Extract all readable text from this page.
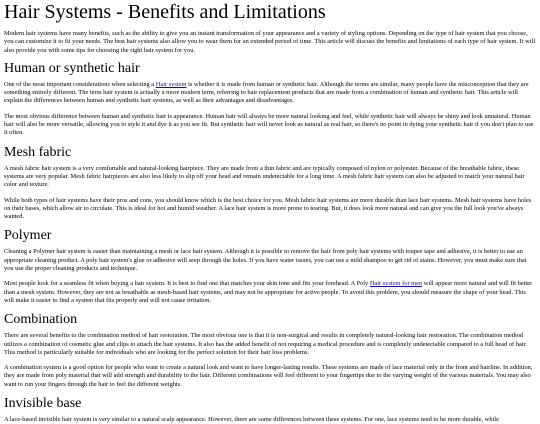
Hair Systems - Benefits and Limitations

Modern hair systems have many benefits, such as the ability to give you an instant transformation of your appearance and a variety of styling options. Depending on the type of hair system that you choose, you can customize it to fit your needs. The best hair systems also allow you to wear them for an extended period of time. This article will discuss the benefits and limitations of each type of hair system. It will also provide you with some tips for choosing the right hair system for you.

Human or synthetic hair

One of the most important considerations when selecting a Hair system is whether it is made from human or synthetic hair. Although the terms are similar, many people have the misconception that they are something entirely different. The term hair system is actually a more modern term, referring to hair replacement products that are made from a combination of human and synthetic hair. This article will explain the differences between human and synthetic hair systems, as well as their advantages and disadvantages.

The most obvious difference between human and synthetic hair is appearance. Human hair will always be more natural looking and feel, while synthetic hair will always be shiny and look unnatural. Human hair will also be more versatile, allowing you to style it and dye it as you see fit. But synthetic hair will never look as natural as real hair, so there's no point in dying your synthetic hair if you don't plan to use it often.

Mesh fabric

A mesh fabric hair system is a very comfortable and natural-looking hairpiece. They are made from a thin fabric and are typically composed of nylon or polyester. Because of the breathable fabric, these systems are very popular. Mesh fabric hairpieces are also less likely to slip off your head and remain undetectable for a long time. A mesh fabric hair system can also be adjusted to match your natural hair color and texture.

While both types of hair systems have their pros and cons, you should know which is the best choice for you. Mesh fabric hair systems are more durable than lace hair systems. Mesh hair systems have holes on their bases, which allow air to circulate. This is ideal for hot and humid weather. A lace hair system is more prone to tearing. But, it does look more natural and can give you the full look you've always wanted.

Polymer

Cleaning a Polymer hair system is easier than maintaining a mesh or lace hair system. Although it is possible to remove the hair from poly hair systems with toupee tape and adhesive, it is better to use an appropriate cleaning product. A poly hair system's glue or adhesive will seep through the holes. If you have water issues, you can use a mild shampoo to get rid of stains. However, you must make sure that you use the proper cleaning products and technique.

Most people look for a seamless fit when buying a hair system. It is best to find one that matches your skin tone and fits your forehead. A Poly Hair system for men will appear more natural and will fit better than a mesh system. However, they are not as breathable as mesh-based hair systems, and may not be appropriate for active people. To avoid this problem, you should measure the shape of your head. This will make it easier to find a system that fits properly and will not cause irritation.

Combination

There are several benefits to the combination method of hair restoration. The most obvious one is that it is non-surgical and results in completely natural-looking hair restoration. The combination method utilizes a combination of cosmetic glue and clips to attach the hair systems. It also has the added benefit of not requiring a medical procedure and is completely undetectable compared to a full head of hair. This method is particularly suitable for individuals who are looking for the perfect solution for their hair loss problems.

A combination system is a good option for people who want to create a natural look and want to have longer-lasting results. These systems are made of lace material only in the front and hairline. In addition, they are made from poly material that will add strength and durability to the hair. Different combinations will feel different to your fingertips due to the varying weight of the various materials. You may also want to run your fingers through the hair to feel the different weights.

Invisible base

A lace-based invisible hair system is very similar to a natural scalp appearance. However, there are some differences between these systems. For one, lace systems tend to be more durable, while
